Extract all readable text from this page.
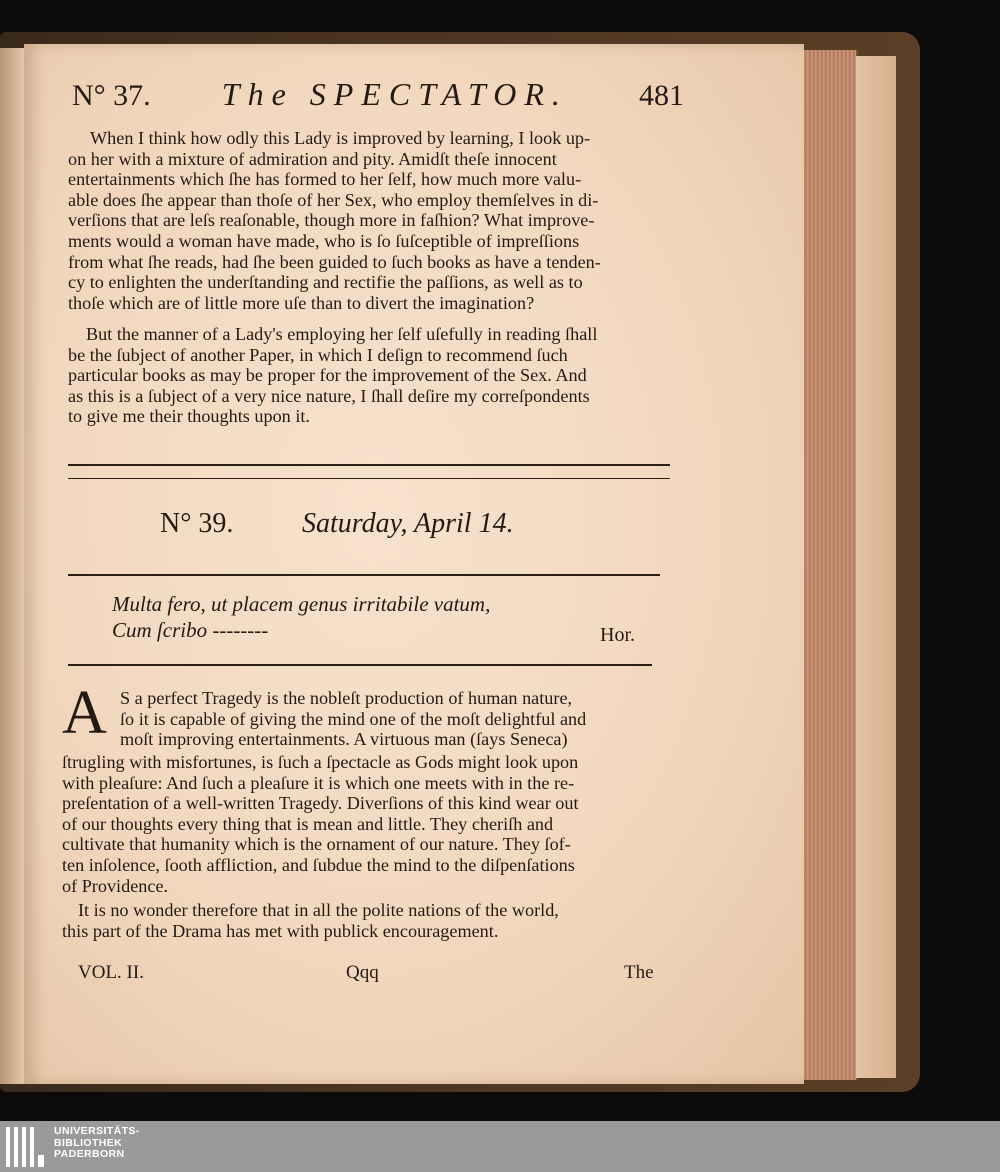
N° 37. The SPECTATOR. 481
When I think how odly this Lady is improved by learning, I look up-
on her with a mixture of admiration and pity. Amidſt theſe innocent
entertainments which ſhe has formed to her ſelf, how much more valu-
able does ſhe appear than thoſe of her Sex, who employ themſelves in di-
verſions that are leſs reaſonable, though more in faſhion? What improve-
ments would a woman have made, who is ſo ſuſceptible of impreſſions
from what ſhe reads, had ſhe been guided to ſuch books as have a tenden-
cy to enlighten the underſtanding and rectifie the paſſions, as well as to
thoſe which are of little more uſe than to divert the imagination?
But the manner of a Lady's employing her ſelf uſefully in reading ſhall
be the ſubject of another Paper, in which I deſign to recommend ſuch
particular books as may be proper for the improvement of the Sex. And
as this is a ſubject of a very nice nature, I ſhall deſire my correſpondents
to give me their thoughts upon it.
N° 39. Saturday, April 14.
Multa fero, ut placem genus irritabile vatum,
Cum ſcribo --------	Hor.
A S a perfect Tragedy is the nobleſt production of human nature,
ſo it is capable of giving the mind one of the moſt delightful and
moſt improving entertainments. A virtuous man (ſays Seneca)
ſtrugling with misfortunes, is ſuch a ſpectacle as Gods might look upon
with pleaſure: And ſuch a pleaſure it is which one meets with in the re-
preſentation of a well-written Tragedy. Diverſions of this kind wear out
of our thoughts every thing that is mean and little. They cheriſh and
cultivate that humanity which is the ornament of our nature. They ſof-
ten inſolence, ſooth affliction, and ſubdue the mind to the diſpenſations
of Providence.
It is no wonder therefore that in all the polite nations of the world,
this part of the Drama has met with publick encouragement.
VOL. II.	Qqq	The
UNIVERSITÄTS-
BIBLIOTHEK
PADERBORN
